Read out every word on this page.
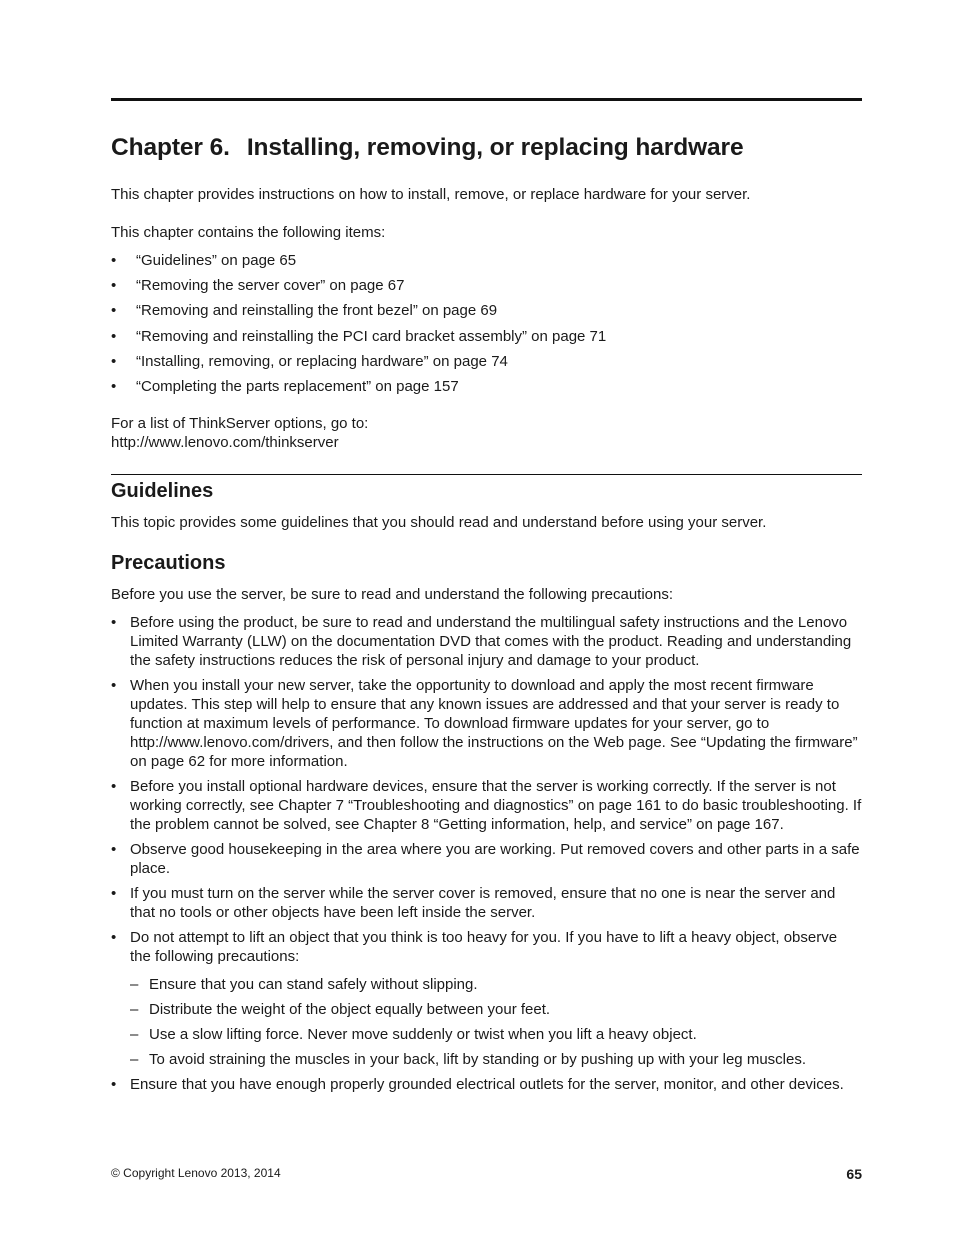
Chapter 6. Installing, removing, or replacing hardware

This chapter provides instructions on how to install, remove, or replace hardware for your server.

This chapter contains the following items:

• “Guidelines” on page 65
• “Removing the server cover” on page 67
• “Removing and reinstalling the front bezel” on page 69
• “Removing and reinstalling the PCI card bracket assembly” on page 71
• “Installing, removing, or replacing hardware” on page 74
• “Completing the parts replacement” on page 157

For a list of ThinkServer options, go to:

http://www.lenovo.com/thinkserver

Guidelines

This topic provides some guidelines that you should read and understand before using your server.

Precautions

Before you use the server, be sure to read and understand the following precautions:

• Before using the product, be sure to read and understand the multilingual safety instructions and the Lenovo Limited Warranty (LLW) on the documentation DVD that comes with the product. Reading and understanding the safety instructions reduces the risk of personal injury and damage to your product.
• When you install your new server, take the opportunity to download and apply the most recent firmware updates. This step will help to ensure that any known issues are addressed and that your server is ready to function at maximum levels of performance. To download firmware updates for your server, go to http://www.lenovo.com/drivers, and then follow the instructions on the Web page. See “Updating the firmware” on page 62 for more information.
• Before you install optional hardware devices, ensure that the server is working correctly. If the server is not working correctly, see Chapter 7 “Troubleshooting and diagnostics” on page 161 to do basic troubleshooting. If the problem cannot be solved, see Chapter 8 “Getting information, help, and service” on page 167.
• Observe good housekeeping in the area where you are working. Put removed covers and other parts in a safe place.
• If you must turn on the server while the server cover is removed, ensure that no one is near the server and that no tools or other objects have been left inside the server.
• Do not attempt to lift an object that you think is too heavy for you. If you have to lift a heavy object, observe the following precautions:
– Ensure that you can stand safely without slipping.
– Distribute the weight of the object equally between your feet.
– Use a slow lifting force. Never move suddenly or twist when you lift a heavy object.
– To avoid straining the muscles in your back, lift by standing or by pushing up with your leg muscles.
• Ensure that you have enough properly grounded electrical outlets for the server, monitor, and other devices.
© Copyright Lenovo 2013, 2014	65
